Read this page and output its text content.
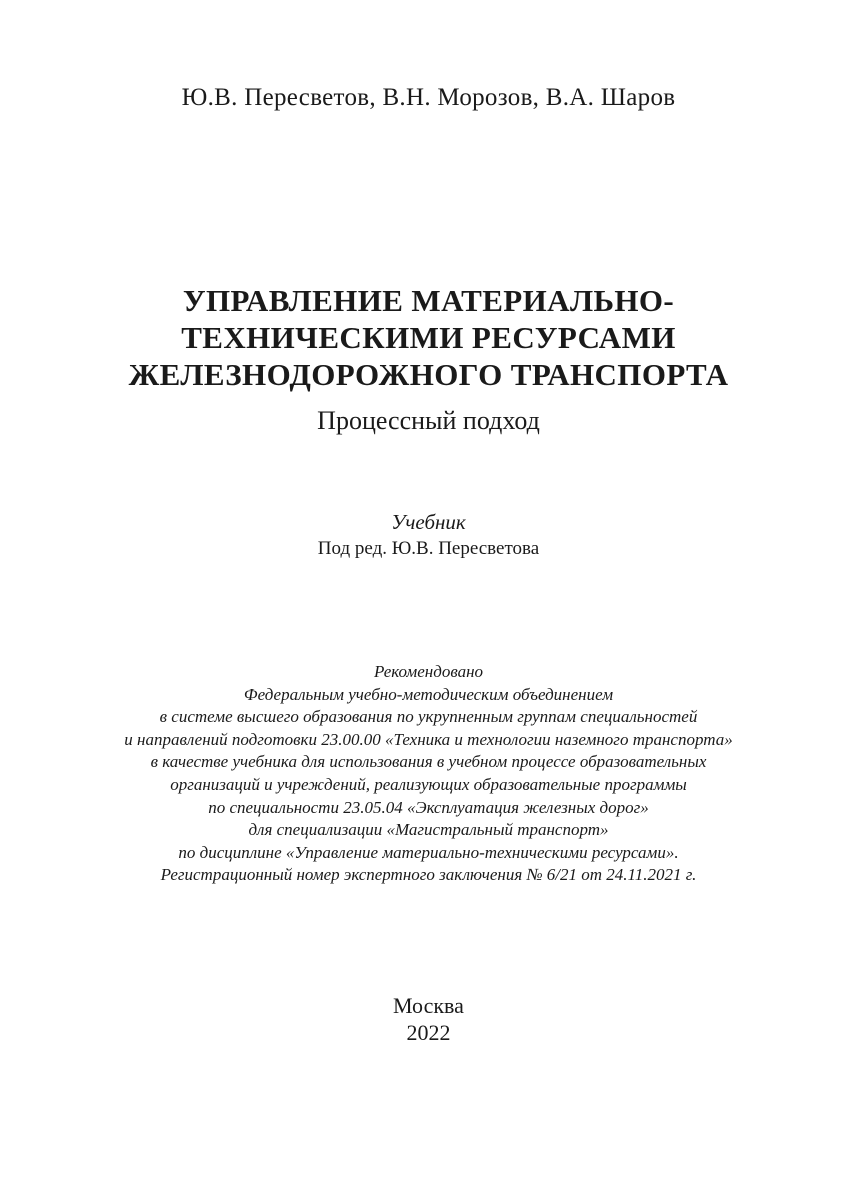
Ю.В. Пересветов, В.Н. Морозов, В.А. Шаров
УПРАВЛЕНИЕ МАТЕРИАЛЬНО-
ТЕХНИЧЕСКИМИ РЕСУРСАМИ
ЖЕЛЕЗНОДОРОЖНОГО ТРАНСПОРТА
Процессный подход
Учебник
Под ред. Ю.В. Пересветова
Рекомендовано
Федеральным учебно-методическим объединением
в системе высшего образования по укрупненным группам специальностей
и направлений подготовки 23.00.00 «Техника и технологии наземного транспорта»
в качестве учебника для использования в учебном процессе образовательных
организаций и учреждений, реализующих образовательные программы
по специальности 23.05.04 «Эксплуатация железных дорог»
для специализации «Магистральный транспорт»
по дисциплине «Управление материально-техническими ресурсами».
Регистрационный номер экспертного заключения № 6/21 от 24.11.2021 г.
Москва
2022
